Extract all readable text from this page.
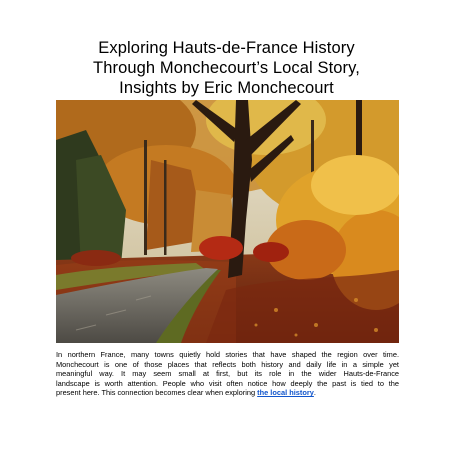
Exploring Hauts-de-France History
Through Monchecourt’s Local Story,
Insights by Eric Monchecourt

In northern France, many towns quietly hold stories that have shaped the region over time.
Monchecourt is one of those places that reflects both history and daily life in a simple yet
meaningful way. It may seem small at first, but its role in the wider Hauts-de-France
landscape is worth attention. People who visit often notice how deeply the past is tied to the
present here. This connection becomes clear when exploring the local history.
